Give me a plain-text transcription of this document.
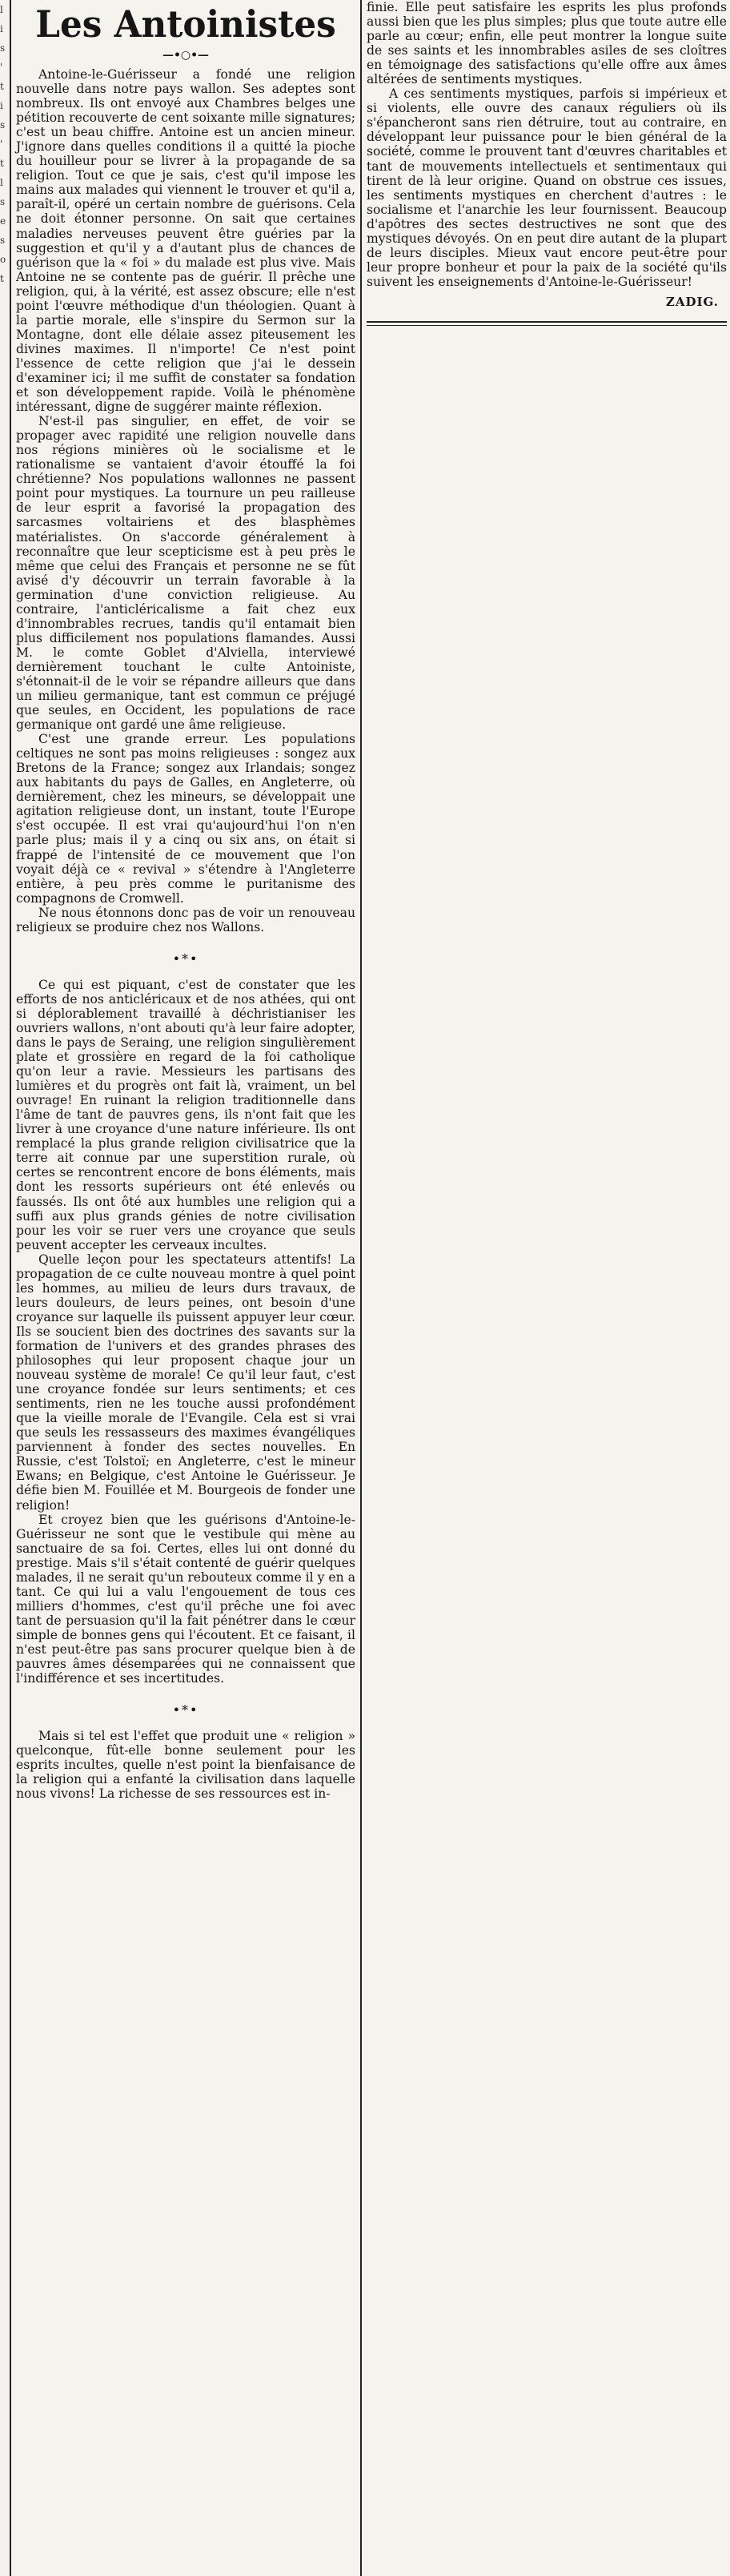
l
i
s
'
t
i
s
'
t
l
s
e
s
o
t
Les Antoinistes
—•○•—

Antoine-le-Guérisseur a fondé une religion nouvelle dans notre pays wallon. Ses adeptes sont nombreux. Ils ont envoyé aux Chambres belges une pétition recouverte de cent soixante mille signatures; c'est un beau chiffre. Antoine est un ancien mineur. J'ignore dans quelles conditions il a quitté la pioche du houilleur pour se livrer à la propagande de sa religion. Tout ce que je sais, c'est qu'il impose les mains aux malades qui viennent le trouver et qu'il a, paraît-il, opéré un certain nombre de guérisons. Cela ne doit étonner personne. On sait que certaines maladies nerveuses peuvent être guéries par la suggestion et qu'il y a d'autant plus de chances de guérison que la « foi » du malade est plus vive. Mais Antoine ne se contente pas de guérir. Il prêche une religion, qui, à la vérité, est assez obscure; elle n'est point l'œuvre méthodique d'un théologien. Quant à la partie morale, elle s'inspire du Sermon sur la Montagne, dont elle délaie assez piteusement les divines maximes. Il n'importe! Ce n'est point l'essence de cette religion que j'ai le dessein d'examiner ici; il me suffit de constater sa fondation et son développement rapide. Voilà le phénomène intéressant, digne de suggérer mainte réflexion.

N'est-il pas singulier, en effet, de voir se propager avec rapidité une religion nouvelle dans nos régions minières où le socialisme et le rationalisme se vantaient d'avoir étouffé la foi chrétienne? Nos populations wallonnes ne passent point pour mystiques. La tournure un peu railleuse de leur esprit a favorisé la propagation des sarcasmes voltairiens et des blasphèmes matérialistes. On s'accorde généralement à reconnaître que leur scepticisme est à peu près le même que celui des Français et personne ne se fût avisé d'y découvrir un terrain favorable à la germination d'une conviction religieuse. Au contraire, l'anticléricalisme a fait chez eux d'innombrables recrues, tandis qu'il entamait bien plus difficilement nos populations flamandes. Aussi M. le comte Goblet d'Alviella, interviewé dernièrement touchant le culte Antoiniste, s'étonnait-il de le voir se répandre ailleurs que dans un milieu germanique, tant est commun ce préjugé que seules, en Occident, les populations de race germanique ont gardé une âme religieuse.

C'est une grande erreur. Les populations celtiques ne sont pas moins religieuses : songez aux Bretons de la France; songez aux Irlandais; songez aux habitants du pays de Galles, en Angleterre, où dernièrement, chez les mineurs, se développait une agitation religieuse dont, un instant, toute l'Europe s'est occupée. Il est vrai qu'aujourd'hui l'on n'en parle plus; mais il y a cinq ou six ans, on était si frappé de l'intensité de ce mouvement que l'on voyait déjà ce « revival » s'étendre à l'Angleterre entière, à peu près comme le puritanisme des compagnons de Cromwell.

Ne nous étonnons donc pas de voir un renouveau religieux se produire chez nos Wallons.

•*•

Ce qui est piquant, c'est de constater que les efforts de nos anticléricaux et de nos athées, qui ont si déplorablement travaillé à déchristianiser les ouvriers wallons, n'ont abouti qu'à leur faire adopter, dans le pays de Seraing, une religion singulièrement plate et grossière en regard de la foi catholique qu'on leur a ravie. Messieurs les partisans des lumières et du progrès ont fait là, vraiment, un bel ouvrage! En ruinant la religion traditionnelle dans l'âme de tant de pauvres gens, ils n'ont fait que les livrer à une croyance d'une nature inférieure. Ils ont remplacé la plus grande religion civilisatrice que la terre ait connue par une superstition rurale, où certes se rencontrent encore de bons éléments, mais dont les ressorts supérieurs ont été enlevés ou faussés. Ils ont ôté aux humbles une religion qui a suffi aux plus grands génies de notre civilisation pour les voir se ruer vers une croyance que seuls peuvent accepter les cerveaux incultes.

Quelle leçon pour les spectateurs attentifs! La propagation de ce culte nouveau montre à quel point les hommes, au milieu de leurs durs travaux, de leurs douleurs, de leurs peines, ont besoin d'une croyance sur laquelle ils puissent appuyer leur cœur. Ils se soucient bien des doctrines des savants sur la formation de l'univers et des grandes phrases des philosophes qui leur proposent chaque jour un nouveau système de morale! Ce qu'il leur faut, c'est une croyance fondée sur leurs sentiments; et ces sentiments, rien ne les touche aussi profondément que la vieille morale de l'Evangile. Cela est si vrai que seuls les ressasseurs des maximes évangéliques parviennent à fonder des sectes nouvelles. En Russie, c'est Tolstoï; en Angleterre, c'est le mineur Ewans; en Belgique, c'est Antoine le Guérisseur. Je défie bien M. Fouillée et M. Bourgeois de fonder une religion!

Et croyez bien que les guérisons d'Antoine-le-Guérisseur ne sont que le vestibule qui mène au sanctuaire de sa foi. Certes, elles lui ont donné du prestige. Mais s'il s'était contenté de guérir quelques malades, il ne serait qu'un rebouteux comme il y en a tant. Ce qui lui a valu l'engouement de tous ces milliers d'hommes, c'est qu'il prêche une foi avec tant de persuasion qu'il la fait pénétrer dans le cœur simple de bonnes gens qui l'écoutent. Et ce faisant, il n'est peut-être pas sans procurer quelque bien à de pauvres âmes désemparées qui ne connaissent que l'indifférence et ses incertitudes.

•*•

Mais si tel est l'effet que produit une « religion » quelconque, fût-elle bonne seulement pour les esprits incultes, quelle n'est point la bienfaisance de la religion qui a enfanté la civilisation dans laquelle nous vivons! La richesse de ses ressources est in-

finie. Elle peut satisfaire les esprits les plus profonds aussi bien que les plus simples; plus que toute autre elle parle au cœur; enfin, elle peut montrer la longue suite de ses saints et les innombrables asiles de ses cloîtres en témoignage des satisfactions qu'elle offre aux âmes altérées de sentiments mystiques.

A ces sentiments mystiques, parfois si impérieux et si violents, elle ouvre des canaux réguliers où ils s'épancheront sans rien détruire, tout au contraire, en développant leur puissance pour le bien général de la société, comme le prouvent tant d'œuvres charitables et tant de mouvements intellectuels et sentimentaux qui tirent de là leur origine. Quand on obstrue ces issues, les sentiments mystiques en cherchent d'autres : le socialisme et l'anarchie les leur fournissent. Beaucoup d'apôtres des sectes destructives ne sont que des mystiques dévoyés. On en peut dire autant de la plupart de leurs disciples. Mieux vaut encore peut-être pour leur propre bonheur et pour la paix de la société qu'ils suivent les enseignements d'Antoine-le-Guérisseur!

ZADIG.
